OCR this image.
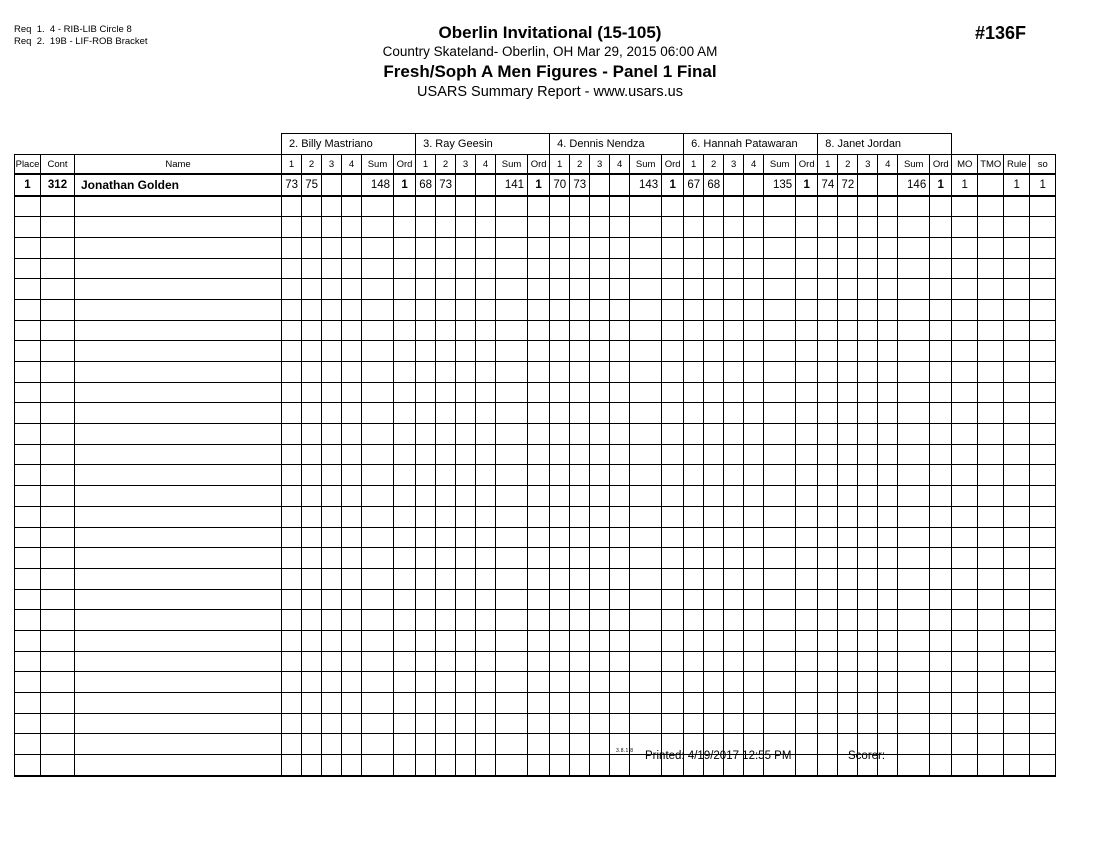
Req  1.  4 - RIB-LIB Circle 8
Req  2.  19B - LIF-ROB Bracket	Oberlin Invitational (15-105)
Country Skateland- Oberlin, OH Mar 29, 2015 06:00 AM
Fresh/Soph A Men Figures - Panel 1 Final
USARS Summary Report - www.usars.us
#136F
			2. Billy Mastriano						3. Ray Geesin						4. Dennis Nendza						6. Hannah Patawaran						8. Janet Jordan									
Place	Cont	Name	1	2	3	4	Sum	Ord	1	2	3	4	Sum	Ord	1	2	3	4	Sum	Ord	1	2	3	4	Sum	Ord	1	2	3	4	Sum	Ord	MO	TMO	Rule	so
1	312	Jonathan Golden	73	75			148	1	68	73			141	1	70	73			143	1	67	68			135	1	74	72			146	1	1		1	1

3.8.1.8 Printed: 4/19/2017 12:55 PM	Scorer:
